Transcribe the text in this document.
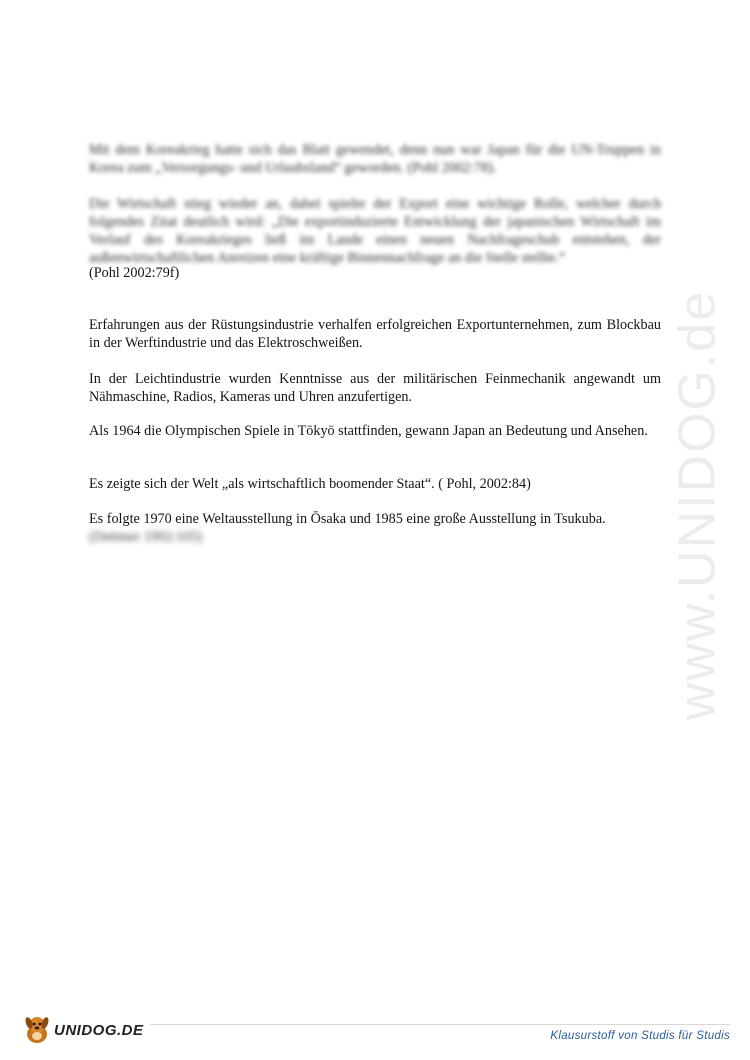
Mit dem Koreakrieg hatte sich das Blatt gewendet, denn nun war Japan für die UN-Truppen in Korea zum „Versorgungs- und Urlaubsland“ geworden. (Pohl 2002:78).

Die Wirtschaft stieg wieder an, dabei spielte der Export eine wichtige Rolle, welcher durch folgendes Zitat deutlich wird: „Die exportinduzierte Entwicklung der japanischen Wirtschaft im Verlauf des Koreakrieges ließ im Lande einen neuen Nachfrageschub entstehen, der außenwirtschaftlichen Anreizen eine kräftige Binnennachfrage an die Stelle stellte.“

(Pohl 2002:79f)

Erfahrungen aus der Rüstungsindustrie verhalfen erfolgreichen Exportunternehmen, zum Blockbau in der Werftindustrie und das Elektroschweißen.

In der Leichtindustrie wurden Kenntnisse aus der militärischen Feinmechanik angewandt um Nähmaschine, Radios, Kameras und Uhren anzufertigen.

Als 1964 die Olympischen Spiele in Tōkyō stattfinden, gewann Japan an Bedeutung und Ansehen.

Es zeigte sich der Welt „als wirtschaftlich boomender Staat“. ( Pohl, 2002:84)

Es folgte 1970 eine Weltausstellung in Ōsaka und 1985 eine große Ausstellung in Tsukuba.

(Dettmer 1992:105)	www.UNIDOG.de
UNIDOG.DE	Klausurstoff von Studis für Studis
